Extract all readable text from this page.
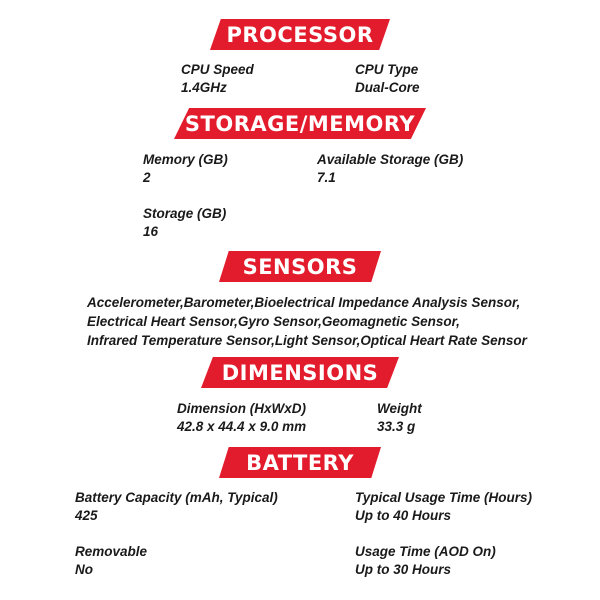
PROCESSOR
CPU Speed
1.4GHz
CPU Type
Dual-Core
STORAGE/MEMORY
Memory (GB)
2
Available Storage (GB)
7.1
Storage (GB)
16
SENSORS
Accelerometer,Barometer,Bioelectrical Impedance Analysis Sensor,
Electrical Heart Sensor,Gyro Sensor,Geomagnetic Sensor,
Infrared Temperature Sensor,Light Sensor,Optical Heart Rate Sensor
DIMENSIONS
Dimension (HxWxD)
42.8 x 44.4 x 9.0 mm
Weight
33.3 g
BATTERY
Battery Capacity (mAh, Typical)
425
Typical Usage Time (Hours)
Up to 40 Hours
Removable
No
Usage Time (AOD On)
Up to 30 Hours
